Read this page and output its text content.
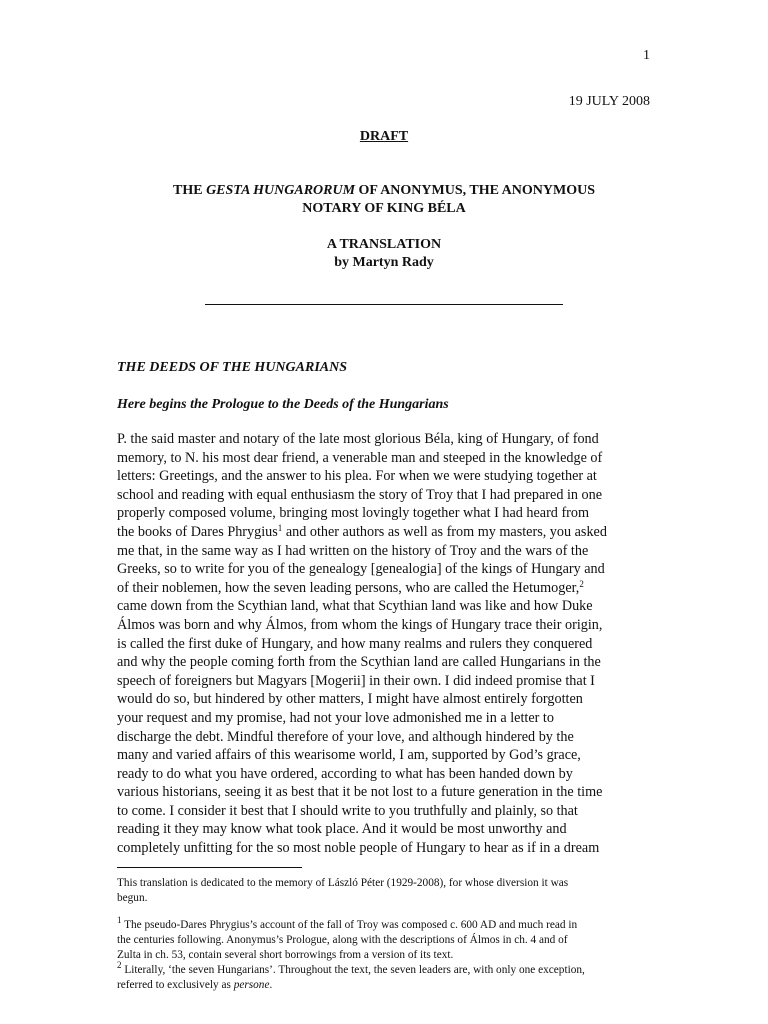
1
19 JULY 2008
DRAFT
THE GESTA HUNGARORUM OF ANONYMUS, THE ANONYMOUS
NOTARY OF KING BÉLA
A TRANSLATION
by Martyn Rady
THE DEEDS OF THE HUNGARIANS
Here begins the Prologue to the Deeds of the Hungarians
P. the said master and notary of the late most glorious Béla, king of Hungary, of fond
memory, to N. his most dear friend, a venerable man and steeped in the knowledge of
letters: Greetings, and the answer to his plea. For when we were studying together at
school and reading with equal enthusiasm the story of Troy that I had prepared in one
properly composed volume, bringing most lovingly together what I had heard from
the books of Dares Phrygius$^1$ and other authors as well as from my masters, you asked
me that, in the same way as I had written on the history of Troy and the wars of the
Greeks, so to write for you of the genealogy [genealogia] of the kings of Hungary and
of their noblemen, how the seven leading persons, who are called the Hetumoger,$^2$
came down from the Scythian land, what that Scythian land was like and how Duke
Álmos was born and why Álmos, from whom the kings of Hungary trace their origin,
is called the first duke of Hungary, and how many realms and rulers they conquered
and why the people coming forth from the Scythian land are called Hungarians in the
speech of foreigners but Magyars [Mogerii] in their own. I did indeed promise that I
would do so, but hindered by other matters, I might have almost entirely forgotten
your request and my promise, had not your love admonished me in a letter to
discharge the debt. Mindful therefore of your love, and although hindered by the
many and varied affairs of this wearisome world, I am, supported by God’s grace,
ready to do what you have ordered, according to what has been handed down by
various historians, seeing it as best that it be not lost to a future generation in the time
to come. I consider it best that I should write to you truthfully and plainly, so that
reading it they may know what took place. And it would be most unworthy and
completely unfitting for the so most noble people of Hungary to hear as if in a dream
This translation is dedicated to the memory of László Péter (1929-2008), for whose diversion it was
begun.
$^1$ The pseudo-Dares Phrygius’s account of the fall of Troy was composed c. 600 AD and much read in
the centuries following. Anonymus’s Prologue, along with the descriptions of Álmos in ch. 4 and of
Zulta in ch. 53, contain several short borrowings from a version of its text.
$^2$ Literally, ‘the seven Hungarians’. Throughout the text, the seven leaders are, with only one exception,
referred to exclusively as persone.
